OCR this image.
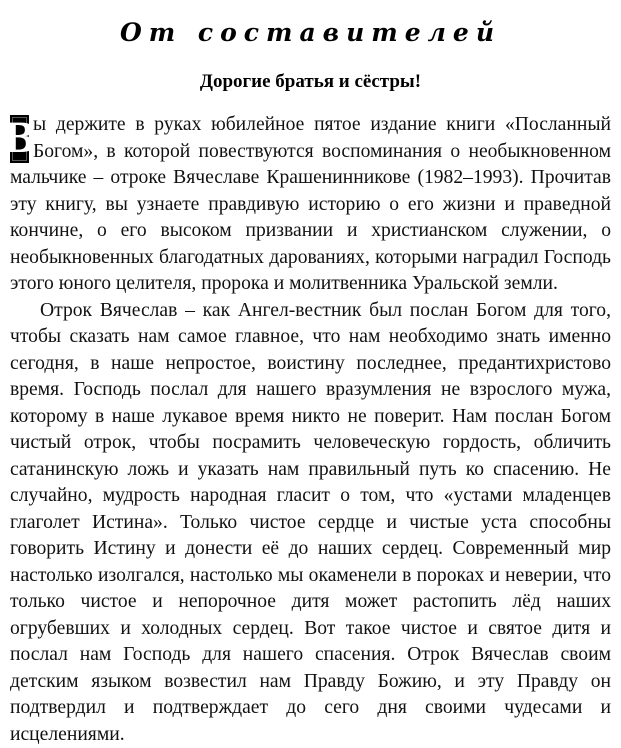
От составителей
Дорогие братья и сёстры!

В
ы держите в руках юбилейное пятое издание книги «Посланный Богом», в которой повествуются воспоминания о необыкновенном мальчике – отроке Вячеславе Крашенинникове (1982–1993). Прочитав эту книгу, вы узнаете правдивую историю о его жизни и праведной кончине, о его высоком призвании и христианском служении, о необыкновенных благодатных дарованиях, которыми наградил Господь этого юного целителя, пророка и молитвенника Уральской земли.

Отрок Вячеслав – как Ангел-вестник был послан Богом для того, чтобы сказать нам самое главное, что нам необходимо знать именно сегодня, в наше непростое, воистину последнее, предантихристово время. Господь послал для нашего вразумления не взрослого мужа, которому в наше лукавое время никто не поверит. Нам послан Богом чистый отрок, чтобы посрамить человеческую гордость, обличить сатанинскую ложь и указать нам правильный путь ко спасению. Не случайно, мудрость народная гласит о том, что «устами младенцев глаголет Истина». Только чистое сердце и чистые уста способны говорить Истину и донести её до наших сердец. Современный мир настолько изолгался, настолько мы окаменели в пороках и неверии, что только чистое и непорочное дитя может растопить лёд наших огрубевших и холодных сердец. Вот такое чистое и святое дитя и послал нам Господь для нашего спасения. Отрок Вячеслав своим детским языком возвестил нам Правду Божию, и эту Правду он подтвердил и подтверждает до сего дня своими чудесами и исцелениями.
